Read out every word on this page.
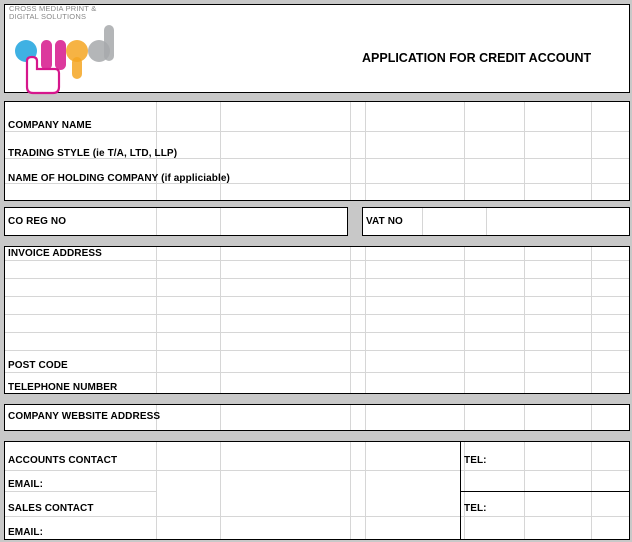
CROSS MEDIA PRINT &
DIGITAL SOLUTIONS
APPLICATION FOR CREDIT ACCOUNT
COMPANY NAME
TRADING STYLE (ie T/A, LTD, LLP)
NAME OF HOLDING COMPANY (if appliciable)
CO REG NO	VAT NO
INVOICE ADDRESS
POST CODE
TELEPHONE NUMBER
COMPANY WEBSITE ADDRESS
ACCOUNTS CONTACT
EMAIL:
SALES CONTACT
EMAIL:
TEL:
TEL:
